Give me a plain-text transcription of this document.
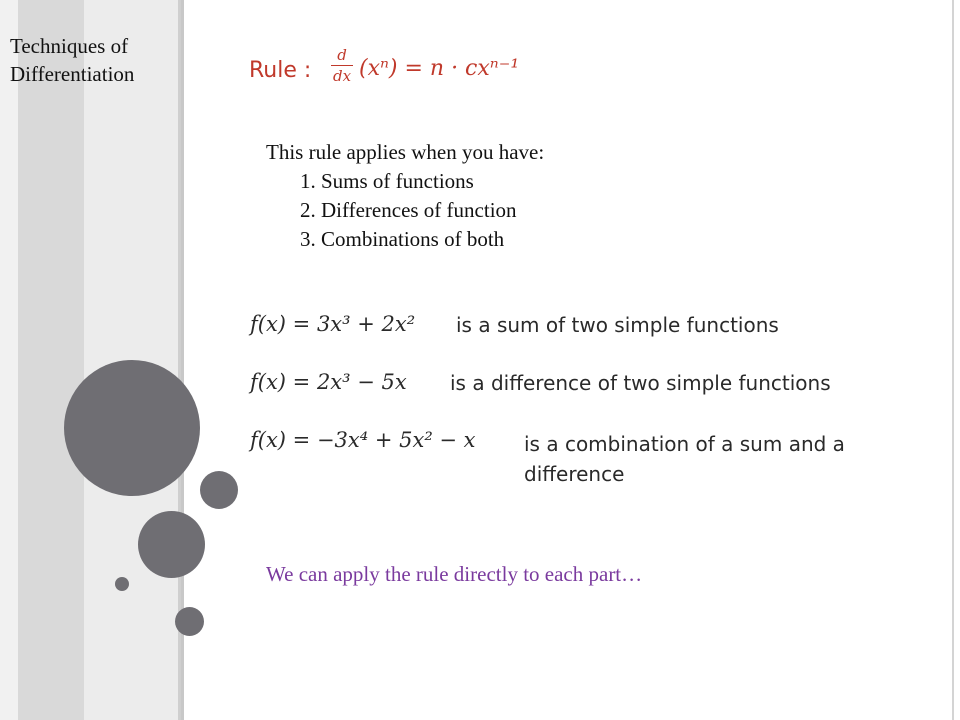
Techniques of
Differentiation	Rule :
d
dx (xⁿ) = n · cxⁿ⁻¹
This rule applies when you have:
1. Sums of functions
2. Differences of function
3. Combinations of both
f(x) = 3x³ + 2x² is a sum of two simple functions
f(x) = 2x³ − 5x is a difference of two simple functions
f(x) = −3x⁴ + 5x² − x is a combination of a sum and a
difference
We can apply the rule directly to each part…
